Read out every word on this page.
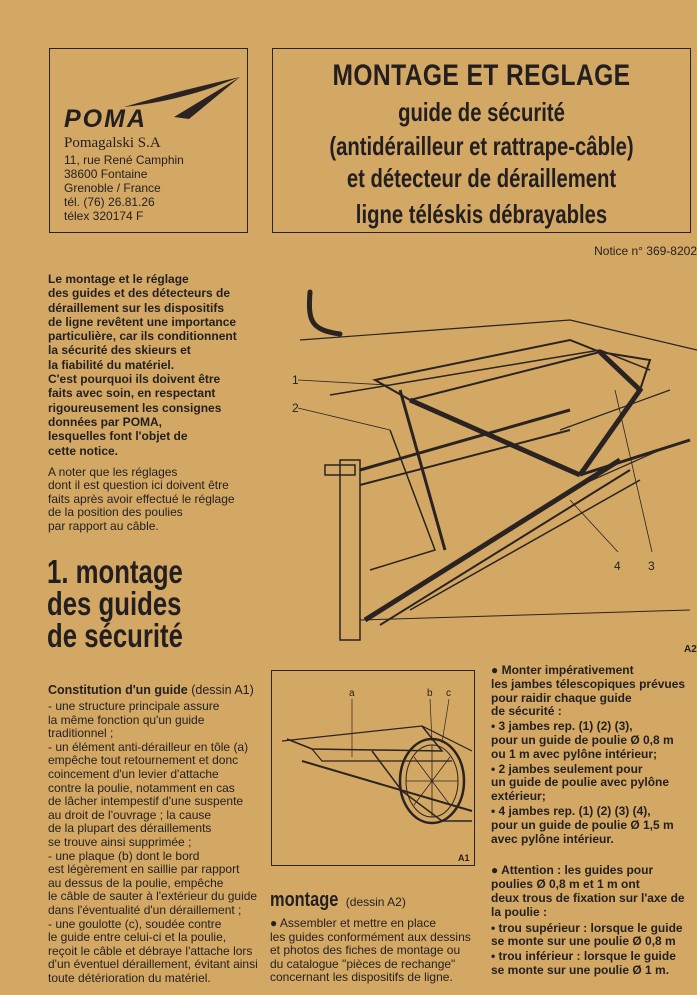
POMA
Pomagalski S.A
11, rue René Camphin
38600 Fontaine
Grenoble / France
tél. (76) 26.81.26
télex 320174 F
MONTAGE ET REGLAGE
guide de sécurité
(antidérailleur et rattrape-câble)
et détecteur de déraillement
ligne téléskis débrayables
Notice n° 369-8202
Le montage et le réglage
des guides et des détecteurs de
déraillement sur les dispositifs
de ligne revêtent une importance
particulière, car ils conditionnent
la sécurité des skieurs et
la fiabilité du matériel.
C'est pourquoi ils doivent être
faits avec soin, en respectant
rigoureusement les consignes
données par POMA,
lesquelles font l'objet de
cette notice.
A noter que les réglages
dont il est question ici doivent être
faits après avoir effectué le réglage
de la position des poulies
par rapport au câble.
1. montage
des guides
de sécurité
1
2
4 3
A2
Constitution d'un guide (dessin A1)
- une structure principale assure
la même fonction qu'un guide
traditionnel ;
- un élément anti-dérailleur en tôle (a)
empêche tout retournement et donc
coincement d'un levier d'attache
contre la poulie, notamment en cas
de lâcher intempestif d'une suspente
au droit de l'ouvrage ; la cause
de la plupart des déraillements
se trouve ainsi supprimée ;
- une plaque (b) dont le bord
est légèrement en saillie par rapport
au dessus de la poulie, empêche
le câble de sauter à l'extérieur du guide
dans l'éventualité d'un déraillement ;
- une goulotte (c), soudée contre
le guide entre celui-ci et la poulie,
reçoit le câble et débraye l'attache lors
d'un éventuel déraillement, évitant ainsi
toute détérioration du matériel.
a	b c
A1
montage (dessin A2)
● Assembler et mettre en place
les guides conformément aux dessins
et photos des fiches de montage ou
du catalogue "pièces de rechange"
concernant les dispositifs de ligne.
● Monter impérativement
les jambes télescopiques prévues
pour raidir chaque guide
de sécurité :
• 3 jambes rep. (1) (2) (3),
pour un guide de poulie Ø 0,8 m
ou 1 m avec pylône intérieur;
• 2 jambes seulement pour
un guide de poulie avec pylône
extérieur;
• 4 jambes rep. (1) (2) (3) (4),
pour un guide de poulie Ø 1,5 m
avec pylône intérieur.
● Attention : les guides pour
poulies Ø 0,8 m et 1 m ont
deux trous de fixation sur l'axe de
la poulie :
• trou supérieur : lorsque le guide
se monte sur une poulie Ø 0,8 m
• trou inférieur : lorsque le guide
se monte sur une poulie Ø 1 m.
